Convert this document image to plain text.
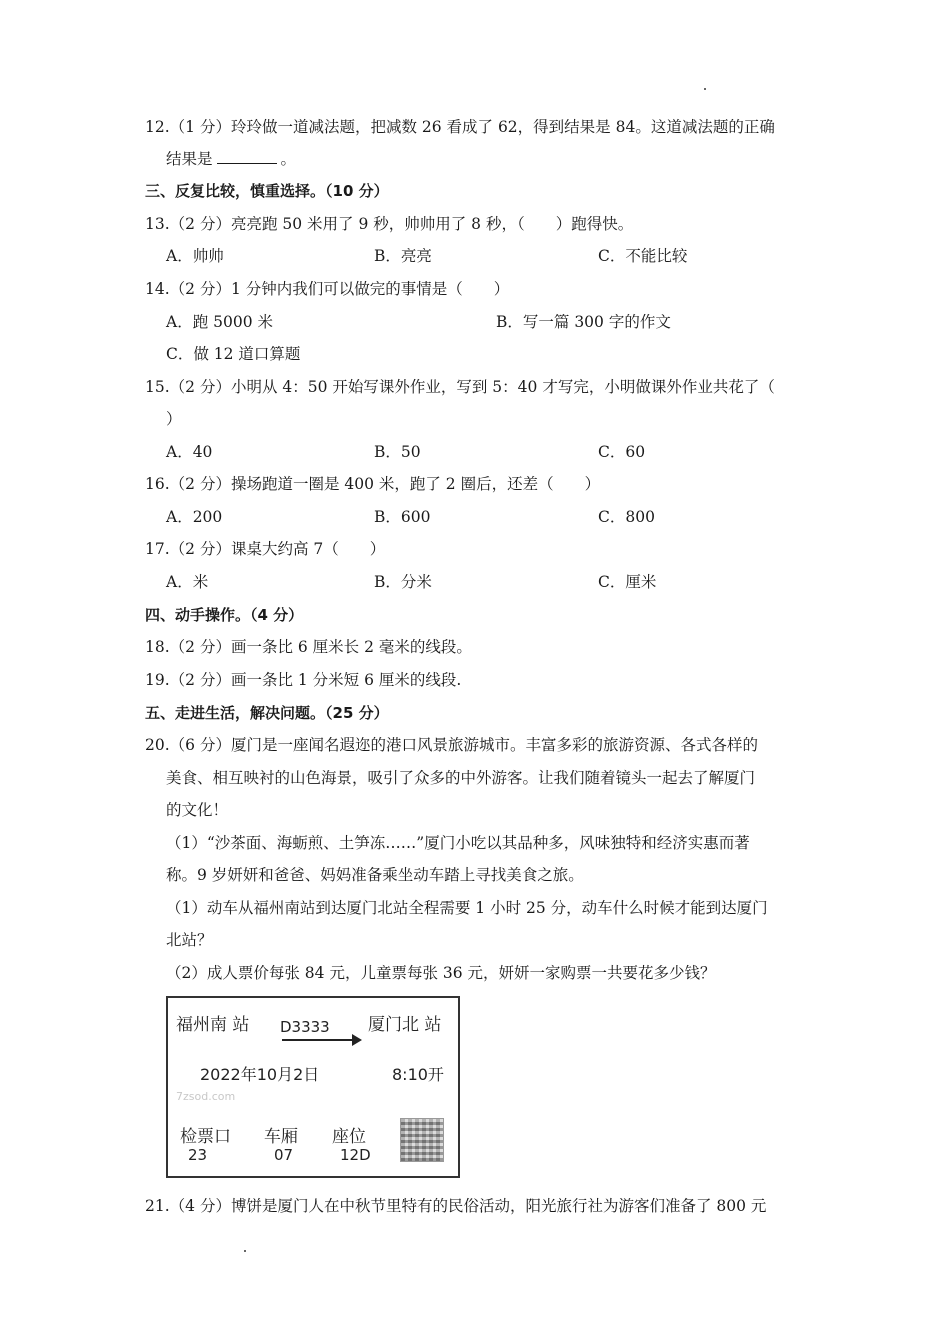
12.（1 分）玲玲做一道减法题，把减数 26 看成了 62，得到结果是 84。这道减法题的正确
结果是	。
三、反复比较，慎重选择。（10 分）
13.（2 分）亮亮跑 50 米用了 9 秒，帅帅用了 8 秒，（　　）跑得快。
A．帅帅	B．亮亮	C．不能比较
14.（2 分）1 分钟内我们可以做完的事情是（　　）
A．跑 5000 米	B．写一篇 300 字的作文
C．做 12 道口算题
15.（2 分）小明从 4：50 开始写课外作业，写到 5：40 才写完，小明做课外作业共花了（
）
A．40	B．50	C．60
16.（2 分）操场跑道一圈是 400 米，跑了 2 圈后，还差（　　）
A．200	B．600	C．800
17.（2 分）课桌大约高 7（　　）
A．米	B．分米	C．厘米
四、动手操作。（4 分）
18.（2 分）画一条比 6 厘米长 2 毫米的线段。
19.（2 分）画一条比 1 分米短 6 厘米的线段.
五、走进生活，解决问题。（25 分）
20.（6 分）厦门是一座闻名遐迩的港口风景旅游城市。丰富多彩的旅游资源、各式各样的
美食、相互映衬的山色海景，吸引了众多的中外游客。让我们随着镜头一起去了解厦门
的文化！
（1）“沙茶面、海蛎煎、土笋冻……”厦门小吃以其品种多，风味独特和经济实惠而著
称。9 岁妍妍和爸爸、妈妈准备乘坐动车踏上寻找美食之旅。
（1）动车从福州南站到达厦门北站全程需要 1 小时 25 分，动车什么时候才能到达厦门
北站？
（2）成人票价每张 84 元，儿童票每张 36 元，妍妍一家购票一共要花多少钱？
福州南 站 D3333 厦门北 站
2022年10月2日	8:10开
7zsod.com
检票口
23
车厢
07
座位
12D
21.（4 分）博饼是厦门人在中秋节里特有的民俗活动，阳光旅行社为游客们准备了 800 元
